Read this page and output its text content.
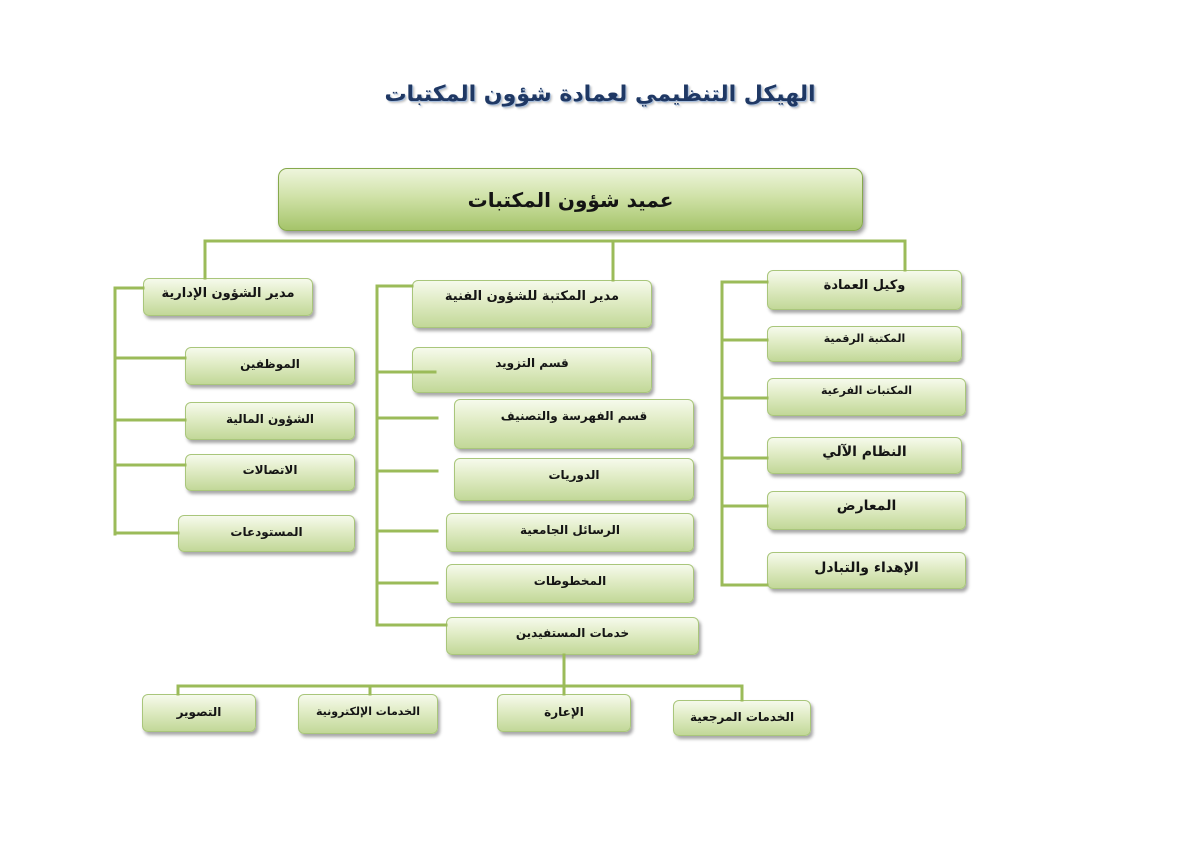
الهيكل التنظيمي لعمادة شؤون المكتبات
عميد شؤون المكتبات
مدير الشؤون الإدارية
الموظفين
الشؤون المالية
الاتصالات
المستودعات
مدير المكتبة للشؤون الفنية
قسم التزويد
قسم الفهرسة والتصنيف
الدوريات
الرسائل الجامعية
المخطوطات
خدمات المستفيدين
الخدمات المرجعية
الإعارة
الخدمات الإلكترونية
التصوير
وكيل العمادة
المكتبة الرقمية
المكتبات الفرعية
النظام الآلي
المعارض
الإهداء والتبادل
